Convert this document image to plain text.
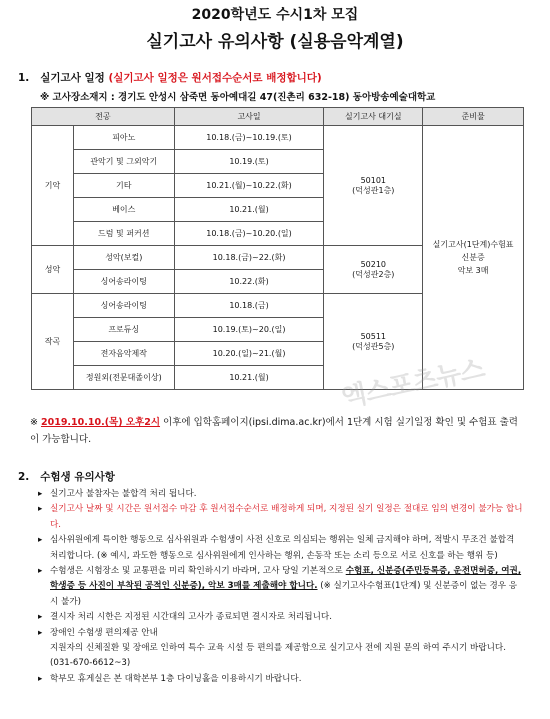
2020학년도 수시1차 모집
실기고사 유의사항 (실용음악계열)
1. 실기고사 일정 (실기고사 일정은 원서접수순서로 배정합니다)
※ 고사장소재지 : 경기도 안성시 삼죽면 동아예대길 47(진촌리 632-18) 동아방송예술대학교
전공		고사일	실기고사 대기실	준비물
기악	피아노	10.18.(금)~10.19.(토)	50101
(덕성관1층)	실기고사(1단계)수험표
신분증
악보 3매
	관악기 및 그외악기	10.19.(토)		
	기타	10.21.(월)~10.22.(화)		
	베이스	10.21.(월)		
	드럼 및 퍼커션	10.18.(금)~10.20.(일)		
성악	성악(보컬)	10.18.(금)~22.(화)	50210
(덕성관2층)	
	싱어송라이팅	10.22.(화)		
작곡	싱어송라이팅	10.18.(금)	50511
(덕성관5층)	
	프로듀싱	10.19.(토)~20.(일)		
	전자음악제작	10.20.(일)~21.(월)		
	정원외(전문대졸이상)	10.21.(월)			엑스포츠뉴스
※ 2019.10.10.(목) 오후2시 이후에 입학홈페이지(ipsi.dima.ac.kr)에서 1단계 시험 실기일정 확인 및 수험표 출력이 가능합니다.
2. 수험생 유의사항
▸ 실기고사 불참자는 불합격 처리 됩니다.
▸ 실기고사 날짜 및 시간은 원서접수 마감 후 원서접수순서로 배정하게 되며, 지정된 실기 일정은 절대로 임의 변경이 불가능 합니다.
▸ 심사위원에게 특이한 행동으로 심사위원과 수험생이 사전 신호로 의심되는 행위는 일체 금지해야 하며, 적발시 무조건 불합격 처리합니다. (※ 예시, 과도한 행동으로 심사위원에게 인사하는 행위, 손동작 또는 소리 등으로 서로 신호를 하는 행위 등)
▸ 수험생은 시험장소 및 교통편을 미리 확인하시기 바라며, 고사 당일 기본적으로 수험표, 신분증(주민등록증, 운전면허증, 여권, 학생증 등 사진이 부착된 공적인 신분증), 악보 3매를 제출해야 합니다. (※ 실기고사수험표(1단계) 및 신분증이 없는 경우 응시 불가)
▸ 결시자 처리 시한은 지정된 시간대의 고사가 종료되면 결시자로 처리됩니다.
▸ 장애인 수험생 편의제공 안내
지원자의 신체질환 및 장애로 인하여 특수 교육 시설 등 편의를 제공함으로 실기고사 전에 지원 문의 하여 주시기 바랍니다. (031-670-6612~3)
▸ 학부모 휴게실은 본 대학본부 1층 다이닝홀을 이용하시기 바랍니다.
